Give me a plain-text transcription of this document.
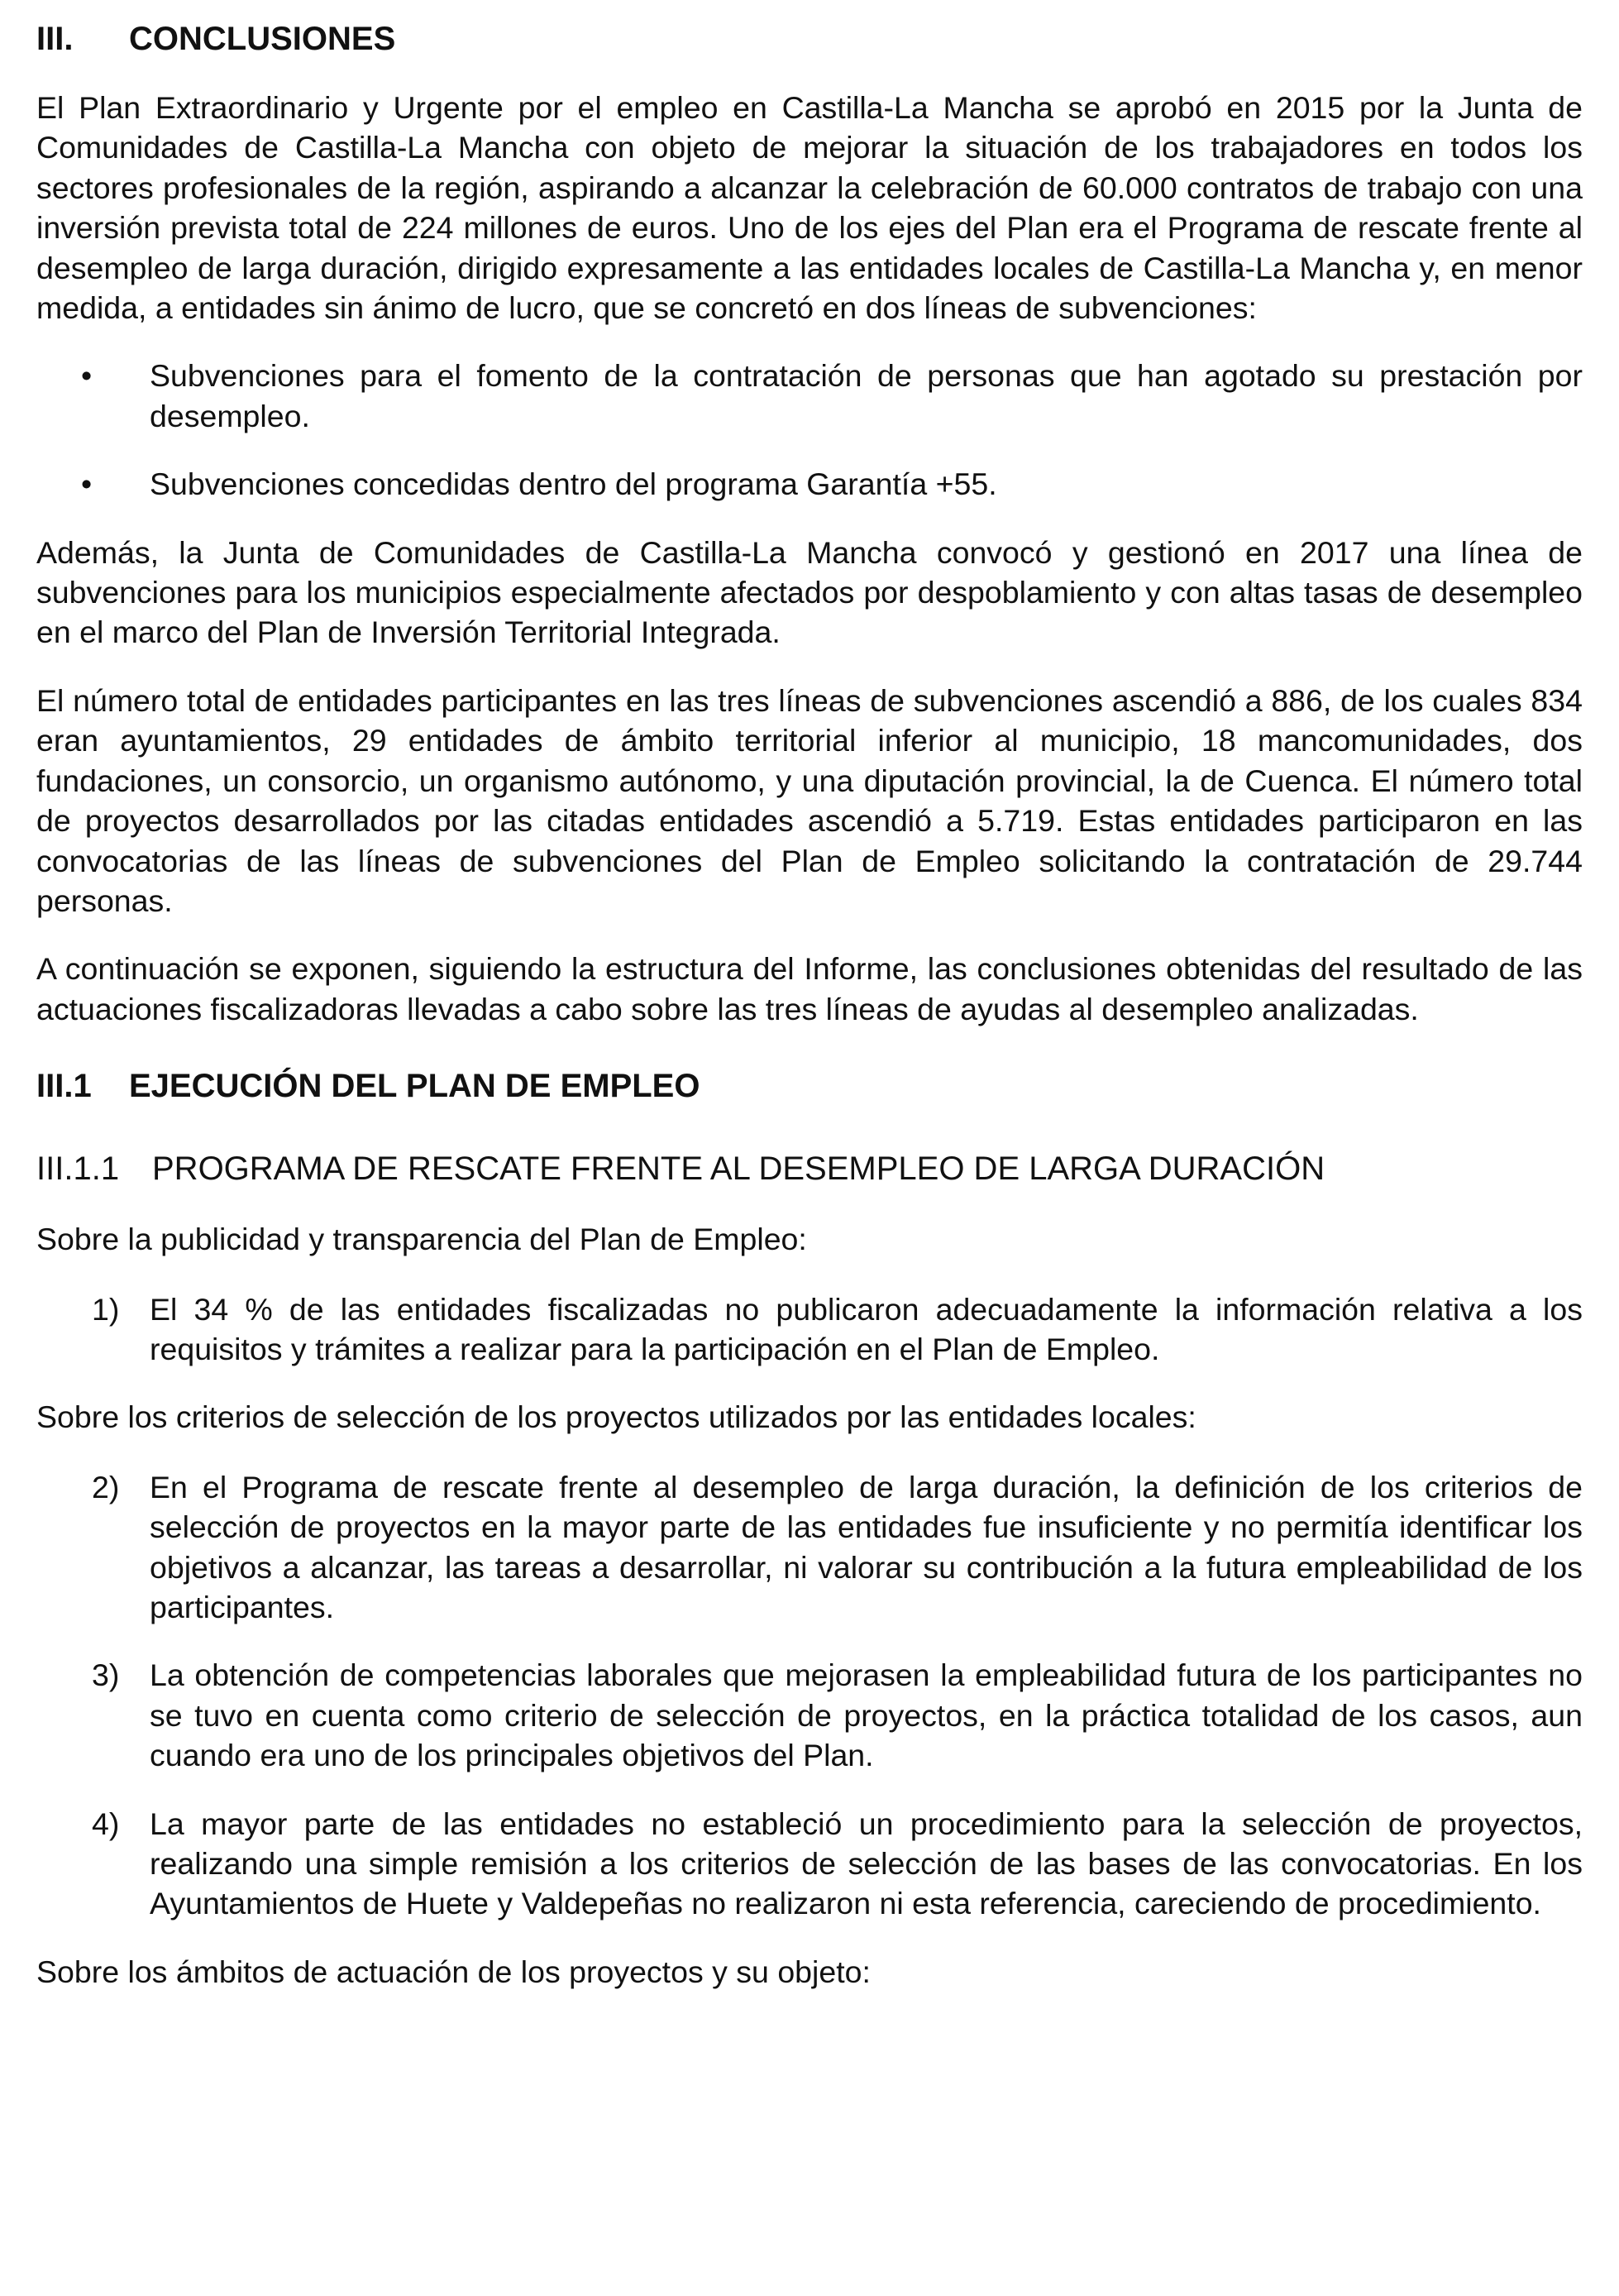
III. CONCLUSIONES

El Plan Extraordinario y Urgente por el empleo en Castilla-La Mancha se aprobó en 2015 por la Junta de Comunidades de Castilla-La Mancha con objeto de mejorar la situación de los trabajadores en todos los sectores profesionales de la región, aspirando a alcanzar la celebración de 60.000 contratos de trabajo con una inversión prevista total de 224 millones de euros. Uno de los ejes del Plan era el Programa de rescate frente al desempleo de larga duración, dirigido expresamente a las entidades locales de Castilla-La Mancha y, en menor medida, a entidades sin ánimo de lucro, que se concretó en dos líneas de subvenciones:

•	Subvenciones para el fomento de la contratación de personas que han agotado su prestación por desempleo.
•	Subvenciones concedidas dentro del programa Garantía +55.

Además, la Junta de Comunidades de Castilla-La Mancha convocó y gestionó en 2017 una línea de subvenciones para los municipios especialmente afectados por despoblamiento y con altas tasas de desempleo en el marco del Plan de Inversión Territorial Integrada.

El número total de entidades participantes en las tres líneas de subvenciones ascendió a 886, de los cuales 834 eran ayuntamientos, 29 entidades de ámbito territorial inferior al municipio, 18 mancomunidades, dos fundaciones, un consorcio, un organismo autónomo, y una diputación provincial, la de Cuenca. El número total de proyectos desarrollados por las citadas entidades ascendió a 5.719. Estas entidades participaron en las convocatorias de las líneas de subvenciones del Plan de Empleo solicitando la contratación de 29.744 personas.

A continuación se exponen, siguiendo la estructura del Informe, las conclusiones obtenidas del resultado de las actuaciones fiscalizadoras llevadas a cabo sobre las tres líneas de ayudas al desempleo analizadas.

III.1 EJECUCIÓN DEL PLAN DE EMPLEO
III.1.1 PROGRAMA DE RESCATE FRENTE AL DESEMPLEO DE LARGA DURACIÓN

Sobre la publicidad y transparencia del Plan de Empleo:

1) El 34 % de las entidades fiscalizadas no publicaron adecuadamente la información relativa a los requisitos y trámites a realizar para la participación en el Plan de Empleo.

Sobre los criterios de selección de los proyectos utilizados por las entidades locales:

2) En el Programa de rescate frente al desempleo de larga duración, la definición de los criterios de selección de proyectos en la mayor parte de las entidades fue insuficiente y no permitía identificar los objetivos a alcanzar, las tareas a desarrollar, ni valorar su contribución a la futura empleabilidad de los participantes.
3) La obtención de competencias laborales que mejorasen la empleabilidad futura de los participantes no se tuvo en cuenta como criterio de selección de proyectos, en la práctica totalidad de los casos, aun cuando era uno de los principales objetivos del Plan.
4) La mayor parte de las entidades no estableció un procedimiento para la selección de proyectos, realizando una simple remisión a los criterios de selección de las bases de las convocatorias. En los Ayuntamientos de Huete y Valdepeñas no realizaron ni esta referencia, careciendo de procedimiento.

Sobre los ámbitos de actuación de los proyectos y su objeto:
